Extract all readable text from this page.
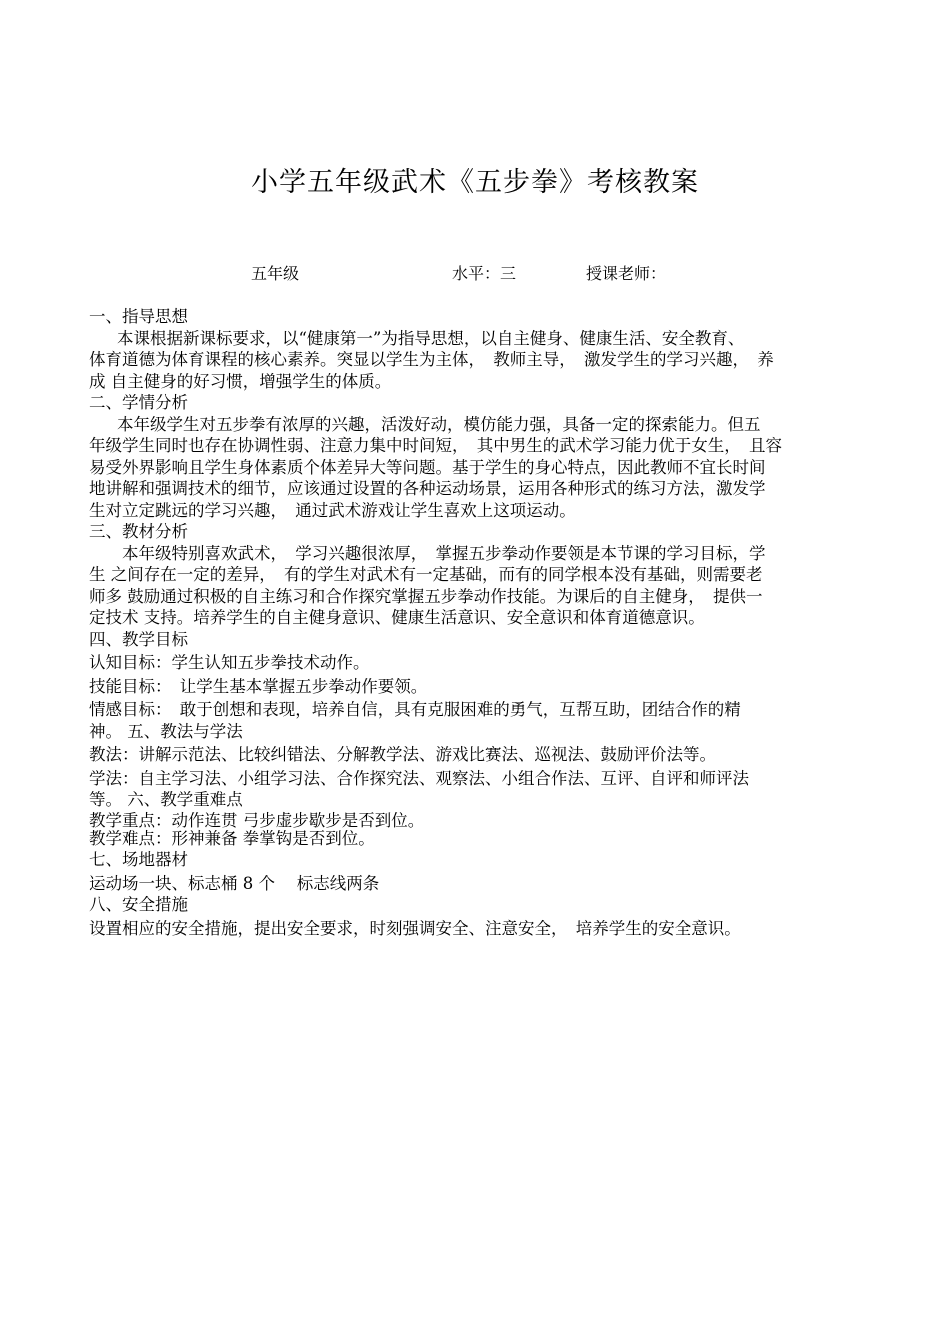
小学五年级武术《五步拳》考核教案
五年级	水平：三	授课老师：
一、指导思想
本课根据新课标要求，以“健康第一”为指导思想，以自主健身、健康生活、安全教育、
体育道德为体育课程的核心素养。突显以学生为主体，　教师主导，　激发学生的学习兴趣，　养
成 自主健身的好习惯，增强学生的体质。
二、学情分析
本年级学生对五步拳有浓厚的兴趣，活泼好动，模仿能力强，具备一定的探索能力。但五
年级学生同时也存在协调性弱、注意力集中时间短，　其中男生的武术学习能力优于女生，　且容
易受外界影响且学生身体素质个体差异大等问题。基于学生的身心特点，因此教师不宜长时间
地讲解和强调技术的细节，应该通过设置的各种运动场景，运用各种形式的练习方法，激发学
生对立定跳远的学习兴趣，　通过武术游戏让学生喜欢上这项运动。
三、教材分析
本年级特别喜欢武术，　学习兴趣很浓厚，　掌握五步拳动作要领是本节课的学习目标，学
生 之间存在一定的差异，　有的学生对武术有一定基础，而有的同学根本没有基础，则需要老
师多 鼓励通过积极的自主练习和合作探究掌握五步拳动作技能。为课后的自主健身，　提供一
定技术 支持。培养学生的自主健身意识、健康生活意识、安全意识和体育道德意识。
四、教学目标
认知目标：学生认知五步拳技术动作。
技能目标：　让学生基本掌握五步拳动作要领。
情感目标：　敢于创想和表现，培养自信，具有克服困难的勇气，互帮互助，团结合作的精
神。 五、教法与学法
教法：讲解示范法、比较纠错法、分解教学法、游戏比赛法、巡视法、鼓励评价法等。
学法：自主学习法、小组学习法、合作探究法、观察法、小组合作法、互评、自评和师评法
等。 六、教学重难点
教学重点：动作连贯 弓步虚步歇步是否到位。
教学难点：形神兼备 拳掌钩是否到位。
七、场地器材
运动场一块、标志桶 8 个　 标志线两条
八、安全措施
设置相应的安全措施，提出安全要求，时刻强调安全、注意安全，　培养学生的安全意识。
